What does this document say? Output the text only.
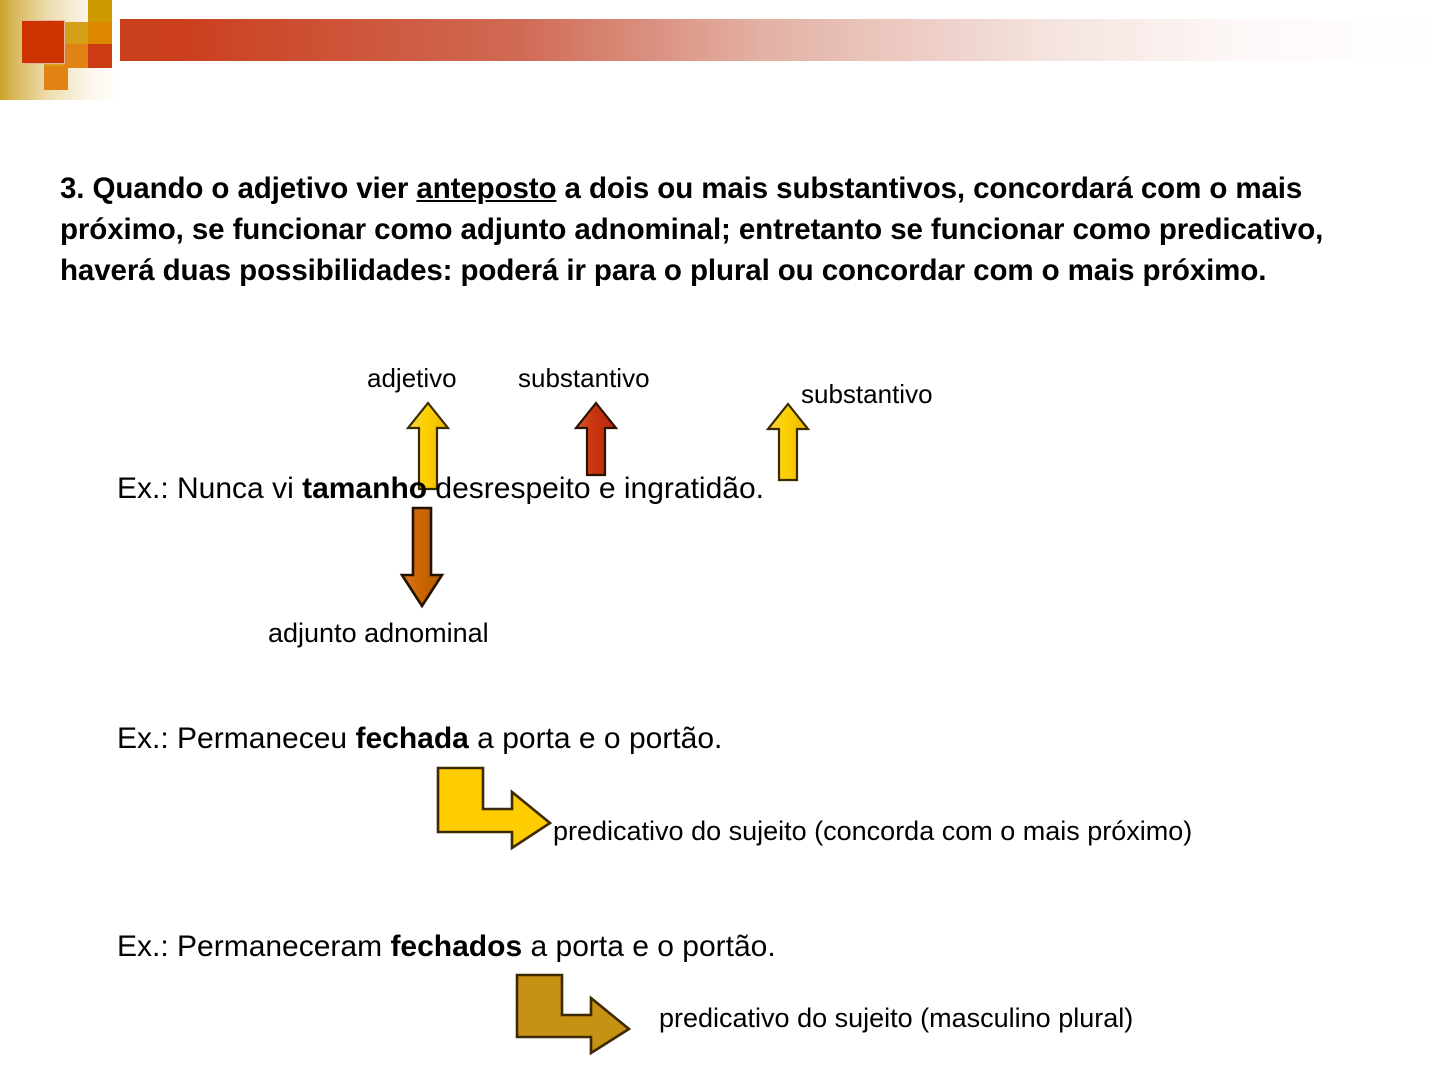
3. Quando o adjetivo vier anteposto a dois ou mais substantivos, concordará com o mais próximo, se funcionar como adjunto adnominal; entretanto se funcionar como predicativo, haverá duas possibilidades: poderá ir para o plural ou concordar com o mais próximo.
adjetivo substantivo
substantivo
Ex.: Nunca vi tamanho desrespeito e ingratidão.
adjunto adnominal
Ex.: Permaneceu fechada a porta e o portão.
predicativo do sujeito (concorda com o mais próximo)
Ex.: Permaneceram fechados a porta e o portão.
predicativo do sujeito (masculino plural)
